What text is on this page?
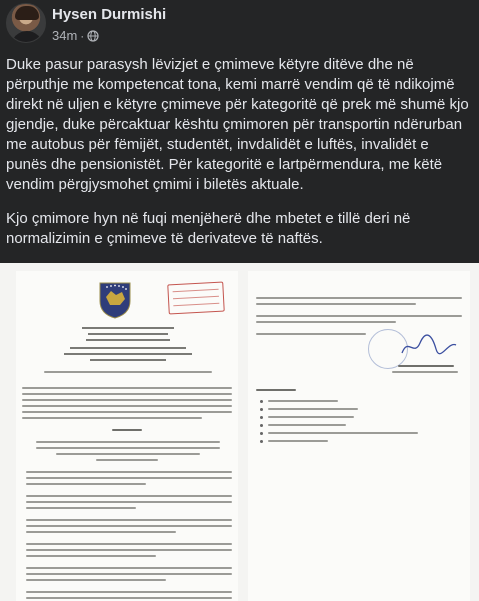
Hysen Durmishi
34m ·

Duke pasur parasysh lëvizjet e çmimeve këtyre ditëve dhe në përputhje me kompetencat tona, kemi marrë vendim që të ndikojmë direkt në uljen e këtyre çmimeve për kategoritë që prek më shumë kjo gjendje, duke përcaktuar kështu çmimoren për transportin ndërurban me autobus për fëmijët, studentët, invdalidët e luftës, invalidët e punës dhe pensionistët. Për kategoritë e lartpërmendura, me këtë vendim përgjysmohet çmimi i biletës aktuale.

Kjo çmimore hyn në fuqi menjëherë dhe mbetet e tillë deri në normalizimin e çmimeve të derivateve të naftës.
